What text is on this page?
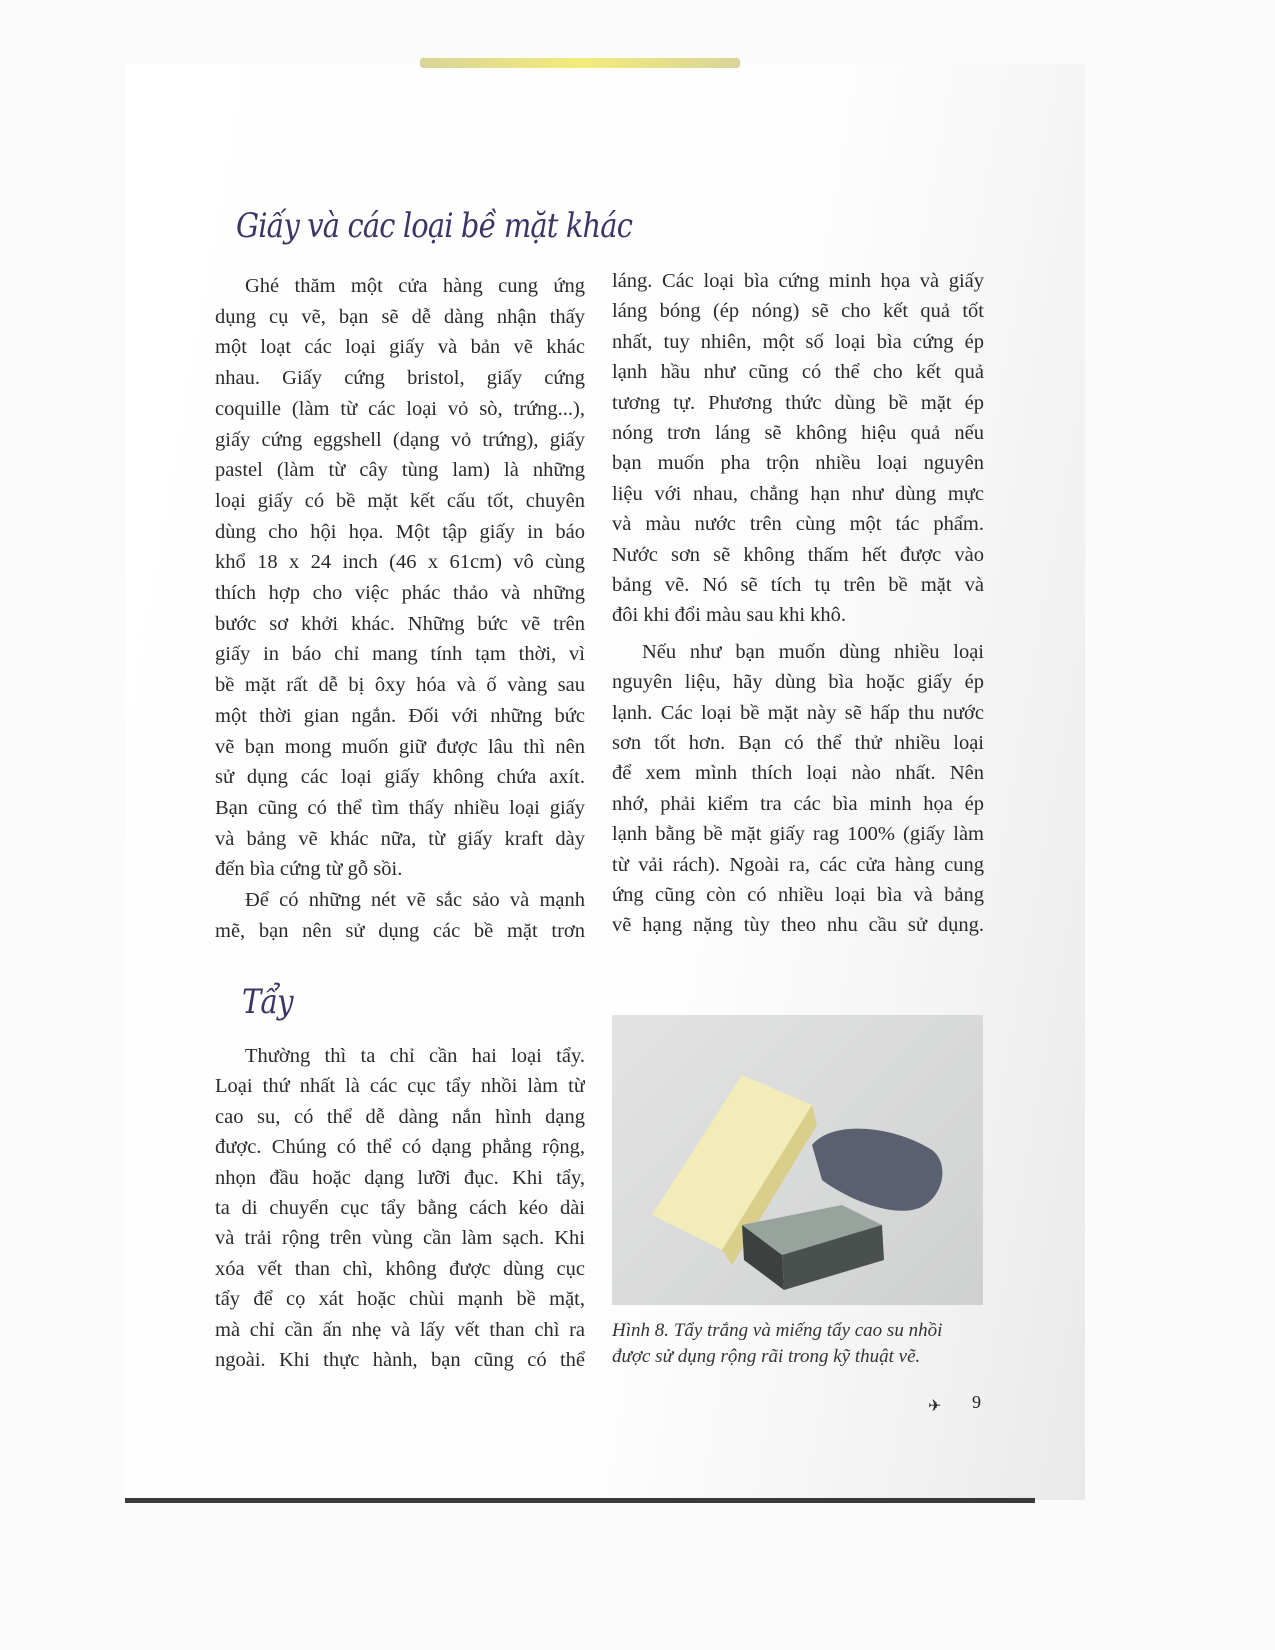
Giấy và các loại bề mặt khác
Tẩy
Ghé thăm một cửa hàng cung ứng
dụng cụ vẽ, bạn sẽ dễ dàng nhận thấy
một loạt các loại giấy và bản vẽ khác
nhau. Giấy cứng bristol, giấy cứng
coquille (làm từ các loại vỏ sò, trứng...),
giấy cứng eggshell (dạng vỏ trứng), giấy
pastel (làm từ cây tùng lam) là những
loại giấy có bề mặt kết cấu tốt, chuyên
dùng cho hội họa. Một tập giấy in báo
khổ 18 x 24 inch (46 x 61cm) vô cùng
thích hợp cho việc phác thảo và những
bước sơ khởi khác. Những bức vẽ trên
giấy in báo chỉ mang tính tạm thời, vì
bề mặt rất dễ bị ôxy hóa và ố vàng sau
một thời gian ngắn. Đối với những bức
vẽ bạn mong muốn giữ được lâu thì nên
sử dụng các loại giấy không chứa axít.
Bạn cũng có thể tìm thấy nhiều loại giấy
và bảng vẽ khác nữa, từ giấy kraft dày
đến bìa cứng từ gỗ sồi.
Để có những nét vẽ sắc sảo và mạnh
mẽ, bạn nên sử dụng các bề mặt trơn
láng. Các loại bìa cứng minh họa và giấy
láng bóng (ép nóng) sẽ cho kết quả tốt
nhất, tuy nhiên, một số loại bìa cứng ép
lạnh hầu như cũng có thể cho kết quả
tương tự. Phương thức dùng bề mặt ép
nóng trơn láng sẽ không hiệu quả nếu
bạn muốn pha trộn nhiều loại nguyên
liệu với nhau, chẳng hạn như dùng mực
và màu nước trên cùng một tác phẩm.
Nước sơn sẽ không thấm hết được vào
bảng vẽ. Nó sẽ tích tụ trên bề mặt và
đôi khi đổi màu sau khi khô.
Nếu như bạn muốn dùng nhiều loại
nguyên liệu, hãy dùng bìa hoặc giấy ép
lạnh. Các loại bề mặt này sẽ hấp thu nước
sơn tốt hơn. Bạn có thể thử nhiều loại
để xem mình thích loại nào nhất. Nên
nhớ, phải kiểm tra các bìa minh họa ép
lạnh bằng bề mặt giấy rag 100% (giấy làm
từ vải rách). Ngoài ra, các cửa hàng cung
ứng cũng còn có nhiều loại bìa và bảng
vẽ hạng nặng tùy theo nhu cầu sử dụng.
Thường thì ta chỉ cần hai loại tẩy.
Loại thứ nhất là các cục tẩy nhồi làm từ
cao su, có thể dễ dàng nắn hình dạng
được. Chúng có thể có dạng phẳng rộng,
nhọn đầu hoặc dạng lưỡi đục. Khi tẩy,
ta di chuyển cục tẩy bằng cách kéo dài
và trải rộng trên vùng cần làm sạch. Khi
xóa vết than chì, không được dùng cục
tẩy để cọ xát hoặc chùi mạnh bề mặt,
mà chỉ cần ấn nhẹ và lấy vết than chì ra
ngoài. Khi thực hành, bạn cũng có thể
Hình 8. Tẩy trắng và miếng tẩy cao su nhồi
được sử dụng rộng rãi trong kỹ thuật vẽ.
✈ 9
